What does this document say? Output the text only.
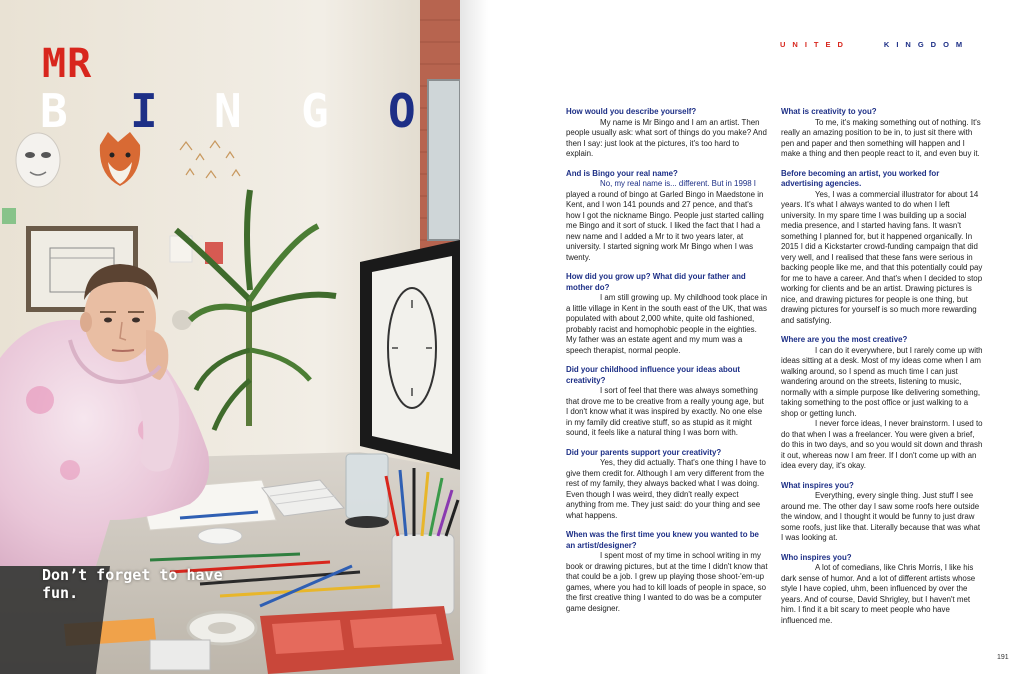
MR
B I N G O

Don’t forget to have
fun.

UNITED	KINGDOM

How would you describe yourself?

My name is Mr Bingo and I am an artist. Then people usually ask: what sort of things do you make? And then I say: just look at the pictures, it's too hard to explain.

And is Bingo your real name?

No, my real name is... different. But in 1998 I played a round of bingo at Garled Bingo in Maedstone in Kent, and I won 141 pounds and 27 pence, and that's how I got the nickname Bingo. People just started calling me Bingo and it sort of stuck. I liked the fact that I had a new name and I added a Mr to it two years later, at university. I started signing work Mr Bingo when I was twenty.

How did you grow up? What did your father and mother do?

I am still growing up. My childhood took place in a little village in Kent in the south east of the UK, that was populated with about 2,000 white, quite old fashioned, probably racist and homophobic people in the eighties. My father was an estate agent and my mum was a speech therapist, normal people.

Did your childhood influence your ideas about creativity?

I sort of feel that there was always something that drove me to be creative from a really young age, but I don't know what it was inspired by exactly. No one else in my family did creative stuff, so as stupid as it might sound, it feels like a natural thing I was born with.

Did your parents support your creativity?

Yes, they did actually. That's one thing I have to give them credit for. Although I am very different from the rest of my family, they always backed what I was doing. Even though I was weird, they didn't really expect anything from me. They just said: do your thing and see what happens.

When was the first time you knew you wanted to be an artist/designer?

I spent most of my time in school writing in my book or drawing pictures, but at the time I didn't know that that could be a job. I grew up playing those shoot-'em-up games, where you had to kill loads of people in space, so the first creative thing I wanted to do was be a computer game designer.

What is creativity to you?

To me, it's making something out of nothing. It's really an amazing position to be in, to just sit there with pen and paper and then something will happen and I make a thing and then people react to it, and even buy it.

Before becoming an artist, you worked for advertising agencies.

Yes, I was a commercial illustrator for about 14 years. It's what I always wanted to do when I left university. In my spare time I was building up a social media presence, and I started having fans. It wasn't something I planned for, but it happened organically. In 2015 I did a Kickstarter crowd-funding campaign that did very well, and I realised that these fans were serious in backing people like me, and that this potentially could pay for me to have a career. And that's when I decided to stop working for clients and be an artist. Drawing pictures is nice, and drawing pictures for people is one thing, but drawing pictures for yourself is so much more rewarding and satisfying.

Where are you the most creative?

I can do it everywhere, but I rarely come up with ideas sitting at a desk. Most of my ideas come when I am walking around, so I spend as much time I can just wandering around on the streets, listening to music, normally with a simple purpose like delivering something, taking something to the post office or just walking to a shop or getting lunch.

I never force ideas, I never brainstorm. I used to do that when I was a freelancer. You were given a brief, do this in two days, and so you would sit down and thrash it out, whereas now I am freer. If I don't come up with an idea every day, it's okay.

What inspires you?

Everything, every single thing. Just stuff I see around me. The other day I saw some roofs here outside the window, and I thought it would be funny to just draw some roofs, just like that. Literally because that was what I was looking at.

Who inspires you?

A lot of comedians, like Chris Morris, I like his dark sense of humor. And a lot of different artists whose style I have copied, uhm, been influenced by over the years. And of course, David Shrigley, but I haven't met him. I find it a bit scary to meet people who have influenced me.

191
